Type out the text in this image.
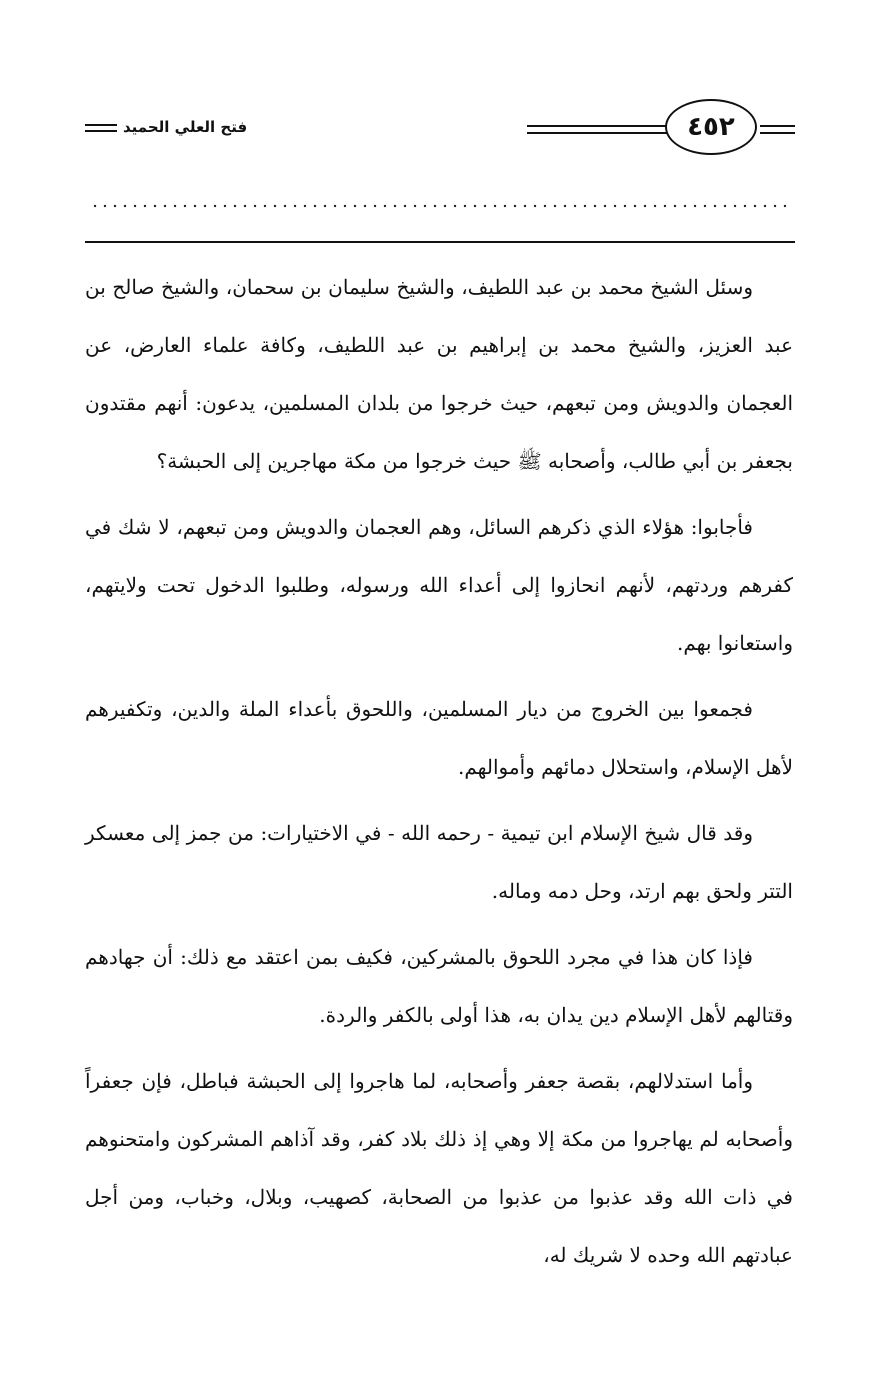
فتح العلي الحميد	٤٥٢

وسئل الشيخ محمد بن عبد اللطيف، والشيخ سليمان بن سحمان، والشيخ صالح بن عبد العزيز، والشيخ محمد بن إبراهيم بن عبد اللطيف، وكافة علماء العارض، عن العجمان والدويش ومن تبعهم، حيث خرجوا من بلدان المسلمين، يدعون: أنهم مقتدون بجعفر بن أبي طالب، وأصحابه ﷺ حيث خرجوا من مكة مهاجرين إلى الحبشة؟

فأجابوا: هؤلاء الذي ذكرهم السائل، وهم العجمان والدويش ومن تبعهم، لا شك في كفرهم وردتهم، لأنهم انحازوا إلى أعداء الله ورسوله، وطلبوا الدخول تحت ولايتهم، واستعانوا بهم.

فجمعوا بين الخروج من ديار المسلمين، واللحوق بأعداء الملة والدين، وتكفيرهم لأهل الإسلام، واستحلال دمائهم وأموالهم.

وقد قال شيخ الإسلام ابن تيمية - رحمه الله - في الاختيارات: من جمز إلى معسكر التتر ولحق بهم ارتد، وحل دمه وماله.

فإذا كان هذا في مجرد اللحوق بالمشركين، فكيف بمن اعتقد مع ذلك: أن جهادهم وقتالهم لأهل الإسلام دين يدان به، هذا أولى بالكفر والردة.

وأما استدلالهم، بقصة جعفر وأصحابه، لما هاجروا إلى الحبشة فباطل، فإن جعفراً وأصحابه لم يهاجروا من مكة إلا وهي إذ ذلك بلاد كفر، وقد آذاهم المشركون وامتحنوهم في ذات الله وقد عذبوا من عذبوا من الصحابة، كصهيب، وبلال، وخباب، ومن أجل عبادتهم الله وحده لا شريك له،
